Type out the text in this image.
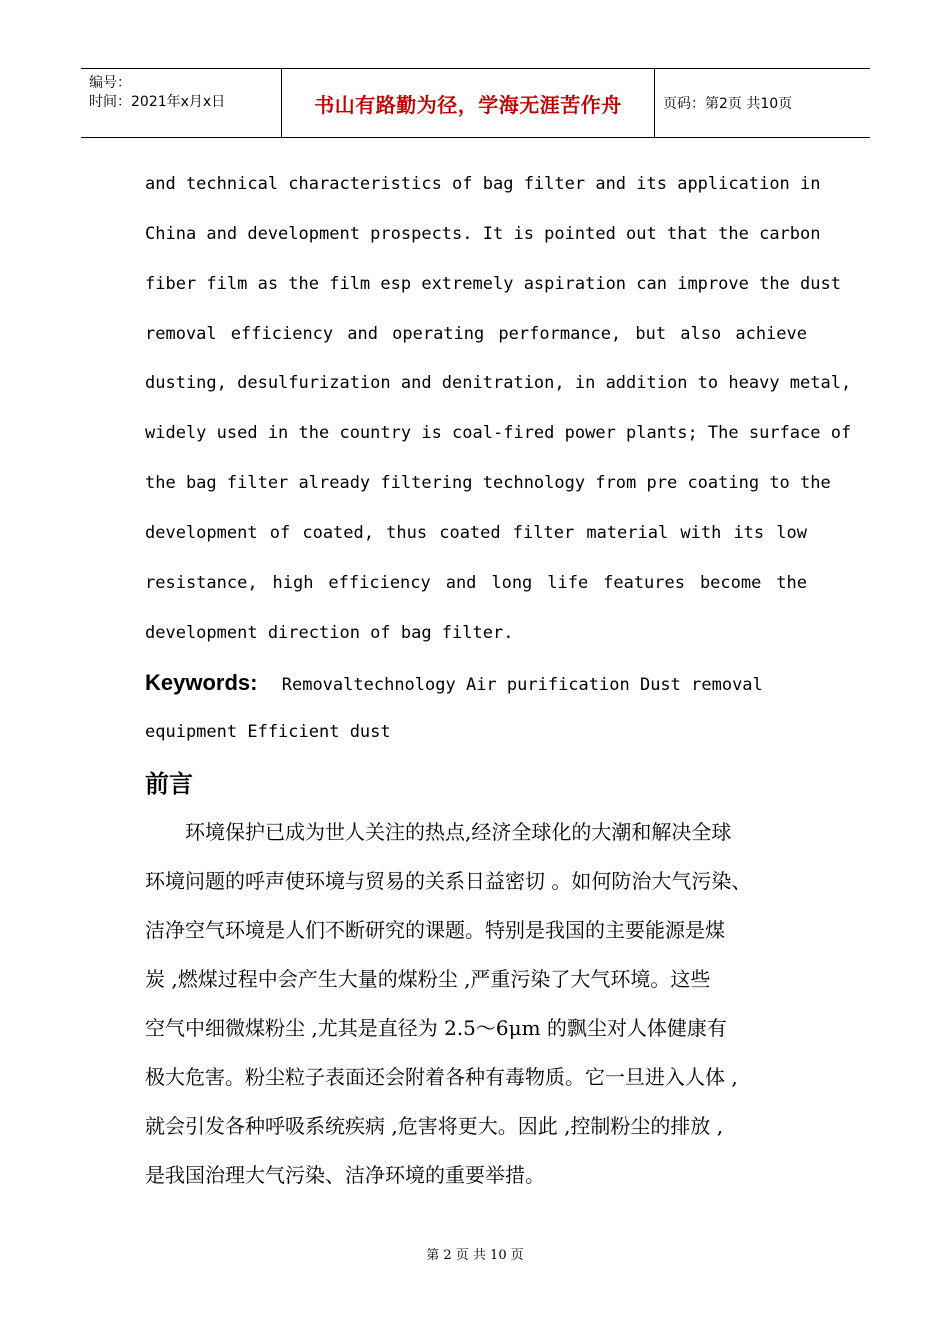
编号：
时间：2021年x月x日	书山有路勤为径，学海无涯苦作舟	页码：第2页 共10页
and technical characteristics of bag filter and its application in
China and development prospects. It is pointed out that the carbon
fiber film as the film esp extremely aspiration can improve the dust
removal efficiency and operating performance, but also achieve
dusting, desulfurization and denitration, in addition to heavy metal,
widely used in the country is coal-fired power plants; The surface of
the bag filter already filtering technology from pre coating to the
development of coated, thus coated filter material with its low
resistance, high efficiency and long life features become the
development direction of bag filter.
Keywords: Removaltechnology Air purification Dust removal
equipment Efficient dust
前言
　　环境保护已成为世人关注的热点,经济全球化的大潮和解决全球
环境问题的呼声使环境与贸易的关系日益密切 。如何防治大气污染、
洁净空气环境是人们不断研究的课题。特别是我国的主要能源是煤
炭 ,燃煤过程中会产生大量的煤粉尘 ,严重污染了大气环境。这些
空气中细微煤粉尘 ,尤其是直径为 2.5～6μm 的飘尘对人体健康有
极大危害。粉尘粒子表面还会附着各种有毒物质。它一旦进入人体 ,
就会引发各种呼吸系统疾病 ,危害将更大。因此 ,控制粉尘的排放 ,
是我国治理大气污染、洁净环境的重要举措。
第 2 页 共 10 页
